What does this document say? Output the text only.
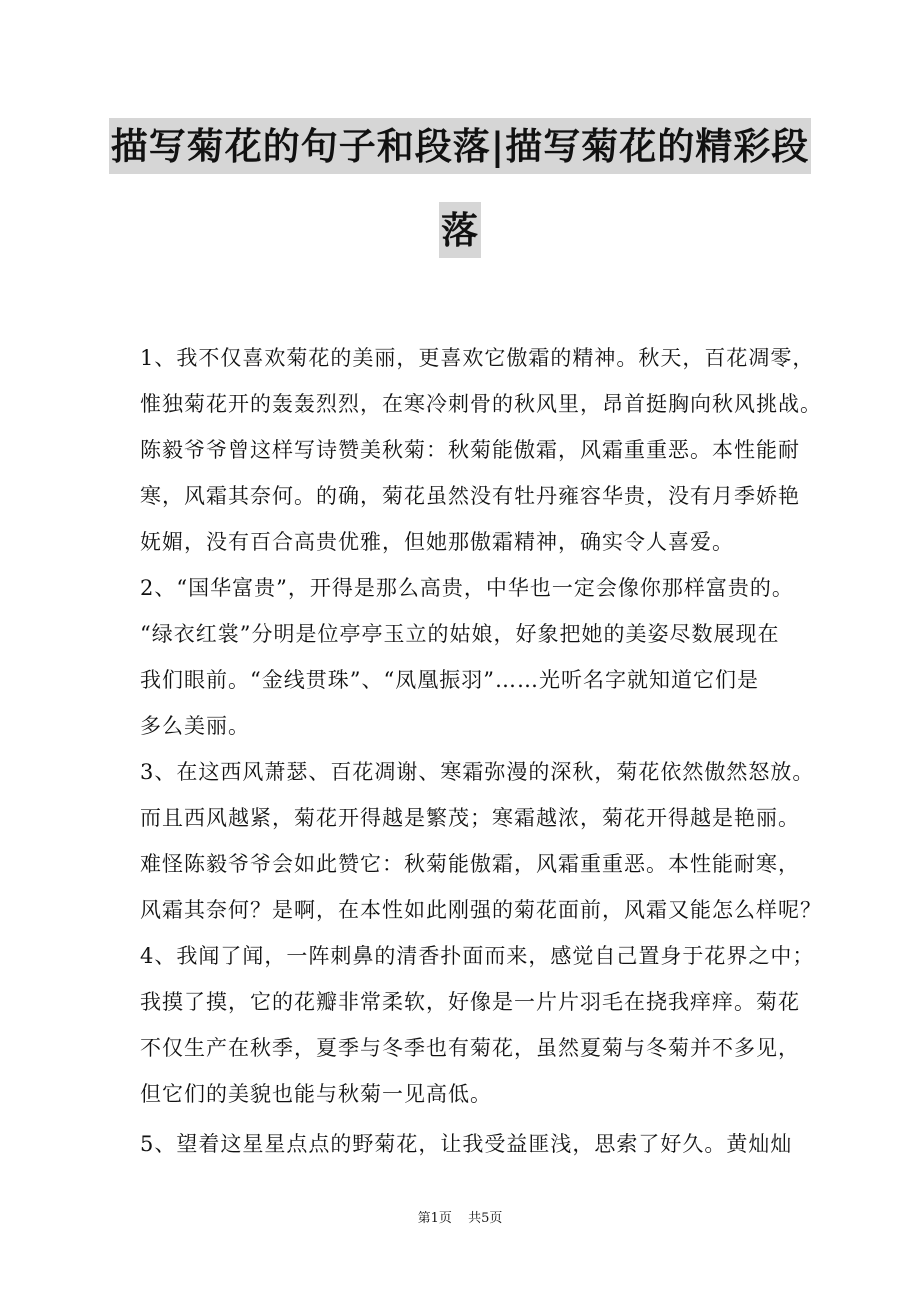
描写菊花的句子和段落|描写菊花的精彩段
落
1、我不仅喜欢菊花的美丽，更喜欢它傲霜的精神。秋天，百花凋零，
惟独菊花开的轰轰烈烈，在寒冷刺骨的秋风里，昂首挺胸向秋风挑战。
陈毅爷爷曾这样写诗赞美秋菊：秋菊能傲霜，风霜重重恶。本性能耐
寒，风霜其奈何。的确，菊花虽然没有牡丹雍容华贵，没有月季娇艳
妩媚，没有百合高贵优雅，但她那傲霜精神，确实令人喜爱。
2、“国华富贵”，开得是那么高贵，中华也一定会像你那样富贵的。
“绿衣红裳”分明是位亭亭玉立的姑娘，好象把她的美姿尽数展现在
我们眼前。“金线贯珠”、“凤凰振羽”……光听名字就知道它们是
多么美丽。
3、在这西风萧瑟、百花凋谢、寒霜弥漫的深秋，菊花依然傲然怒放。
而且西风越紧，菊花开得越是繁茂；寒霜越浓，菊花开得越是艳丽。
难怪陈毅爷爷会如此赞它：秋菊能傲霜，风霜重重恶。本性能耐寒，
风霜其奈何？是啊，在本性如此刚强的菊花面前，风霜又能怎么样呢？
4、我闻了闻，一阵刺鼻的清香扑面而来，感觉自己置身于花界之中；
我摸了摸，它的花瓣非常柔软，好像是一片片羽毛在挠我痒痒。菊花
不仅生产在秋季，夏季与冬季也有菊花，虽然夏菊与冬菊并不多见，
但它们的美貌也能与秋菊一见高低。
5、望着这星星点点的野菊花，让我受益匪浅，思索了好久。黄灿灿
第1页 共5页
